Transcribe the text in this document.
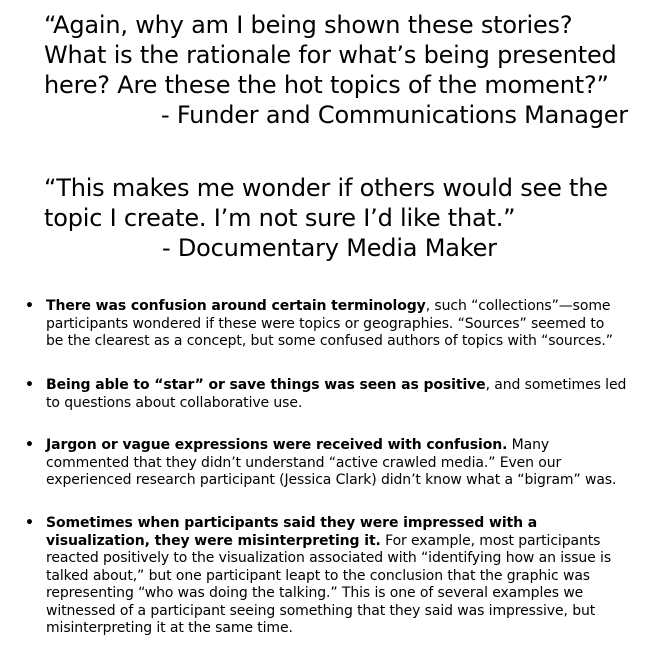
“Again, why am I being shown these stories?
What is the rationale for what’s being presented
here? Are these the hot topics of the moment?”
- Funder and Communications Manager
“This makes me wonder if others would see the
topic I create. I’m not sure I’d like that.”
- Documentary Media Maker
• There was confusion around certain terminology, such “collections”—some
participants wondered if these were topics or geographies. “Sources” seemed to
be the clearest as a concept, but some confused authors of topics with “sources.”
• Being able to “star” or save things was seen as positive, and sometimes led
to questions about collaborative use.
• Jargon or vague expressions were received with confusion. Many
commented that they didn’t understand “active crawled media.” Even our
experienced research participant (Jessica Clark) didn’t know what a “bigram” was.
• Sometimes when participants said they were impressed with a
visualization, they were misinterpreting it. For example, most participants
reacted positively to the visualization associated with “identifying how an issue is
talked about,” but one participant leapt to the conclusion that the graphic was
representing “who was doing the talking.” This is one of several examples we
witnessed of a participant seeing something that they said was impressive, but
misinterpreting it at the same time.
